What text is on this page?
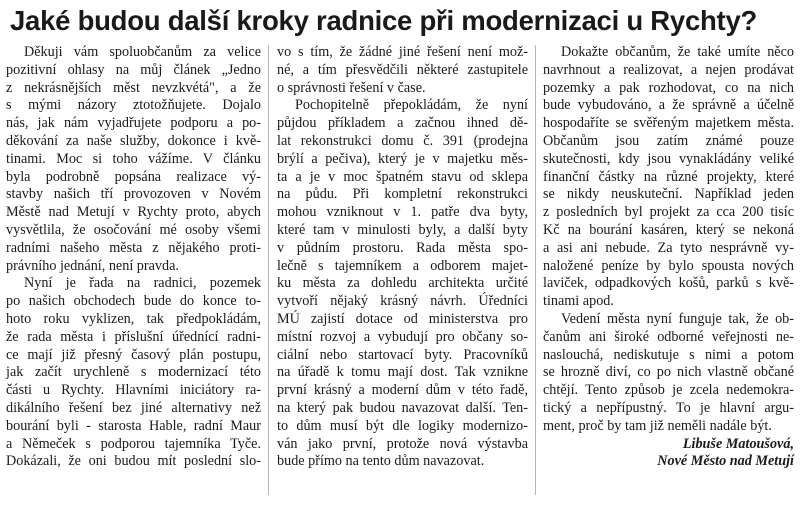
Jaké budou další kroky radnice při modernizaci u Rychty?
Děkuji vám spoluobčanům za velice
pozitivní ohlasy na můj článek „Jedno
z nekrásnějších měst nevzkvétá", a že
s mými názory ztotožňujete. Dojalo
nás, jak nám vyjadřujete podporu a po-
děkování za naše služby, dokonce i kvě-
tinami. Moc si toho vážíme. V článku
byla podrobně popsána realizace vý-
stavby našich tří provozoven v Novém
Městě nad Metují v Rychty proto, abych
vysvětlila, že osočování mé osoby všemi
radními našeho města z nějakého proti-
právního jednání, není pravda.
Nyní je řada na radnici, pozemek
po našich obchodech bude do konce to-
hoto roku vyklizen, tak předpokládám,
že rada města i příslušní úřednící radni-
ce mají již přesný časový plán postupu,
jak začít urychleně s modernizací této
části u Rychty. Hlavními iniciátory ra-
dikálního řešení bez jiné alternativy než
bourání byli - starosta Hable, radní Maur
a Němeček s podporou tajemníka Tyče.
Dokázali, že oni budou mít poslední slo-
vo s tím, že žádné jiné řešení není mož-
né, a tím přesvědčili některé zastupitele
o správnosti řešení v čase.
Pochopitelně přepokládám, že nyní
půjdou příkladem a začnou ihned dě-
lat rekonstrukci domu č. 391 (prodejna
brýlí a pečiva), který je v majetku měs-
ta a je v moc špatném stavu od sklepa
na půdu. Při kompletní rekonstrukci
mohou vzniknout v 1. patře dva byty,
které tam v minulosti byly, a další byty
v půdním prostoru. Rada města spo-
lečně s tajemníkem a odborem majet-
ku města za dohledu architekta určité
vytvoří nějaký krásný návrh. Úředníci
MÚ zajistí dotace od ministerstva pro
místní rozvoj a vybudují pro občany so-
ciální nebo startovací byty. Pracovníků
na úřadě k tomu mají dost. Tak vznikne
první krásný a moderní dům v této řadě,
na který pak budou navazovat další. Ten-
to dům musí být dle logiky modernizo-
ván jako první, protože nová výstavba
bude přímo na tento dům navazovat.
Dokažte občanům, že také umíte něco
navrhnout a realizovat, a nejen prodávat
pozemky a pak rozhodovat, co na nich
bude vybudováno, a že správně a účelně
hospodaříte se svěřeným majetkem města.
Občanům jsou zatím známé pouze
skutečnosti, kdy jsou vynakládány veliké
finanční částky na různé projekty, které
se nikdy neuskuteční. Například jeden
z posledních byl projekt za cca 200 tisíc
Kč na bourání kasáren, který se nekoná
a asi ani nebude. Za tyto nesprávně vy-
naložené peníze by bylo spousta nových
laviček, odpadkových košů, parků s kvě-
tinami apod.
Vedení města nyní funguje tak, že ob-
čanům ani široké odborné veřejnosti ne-
naslouchá, nediskutuje s nimi a potom
se hrozně diví, co po nich vlastně občané
chtějí. Tento způsob je zcela nedemokra-
tický a nepřípustný. To je hlavní argu-
ment, proč by tam již neměli nadále být.
Libuše Matoušová,
Nové Město nad Metují
